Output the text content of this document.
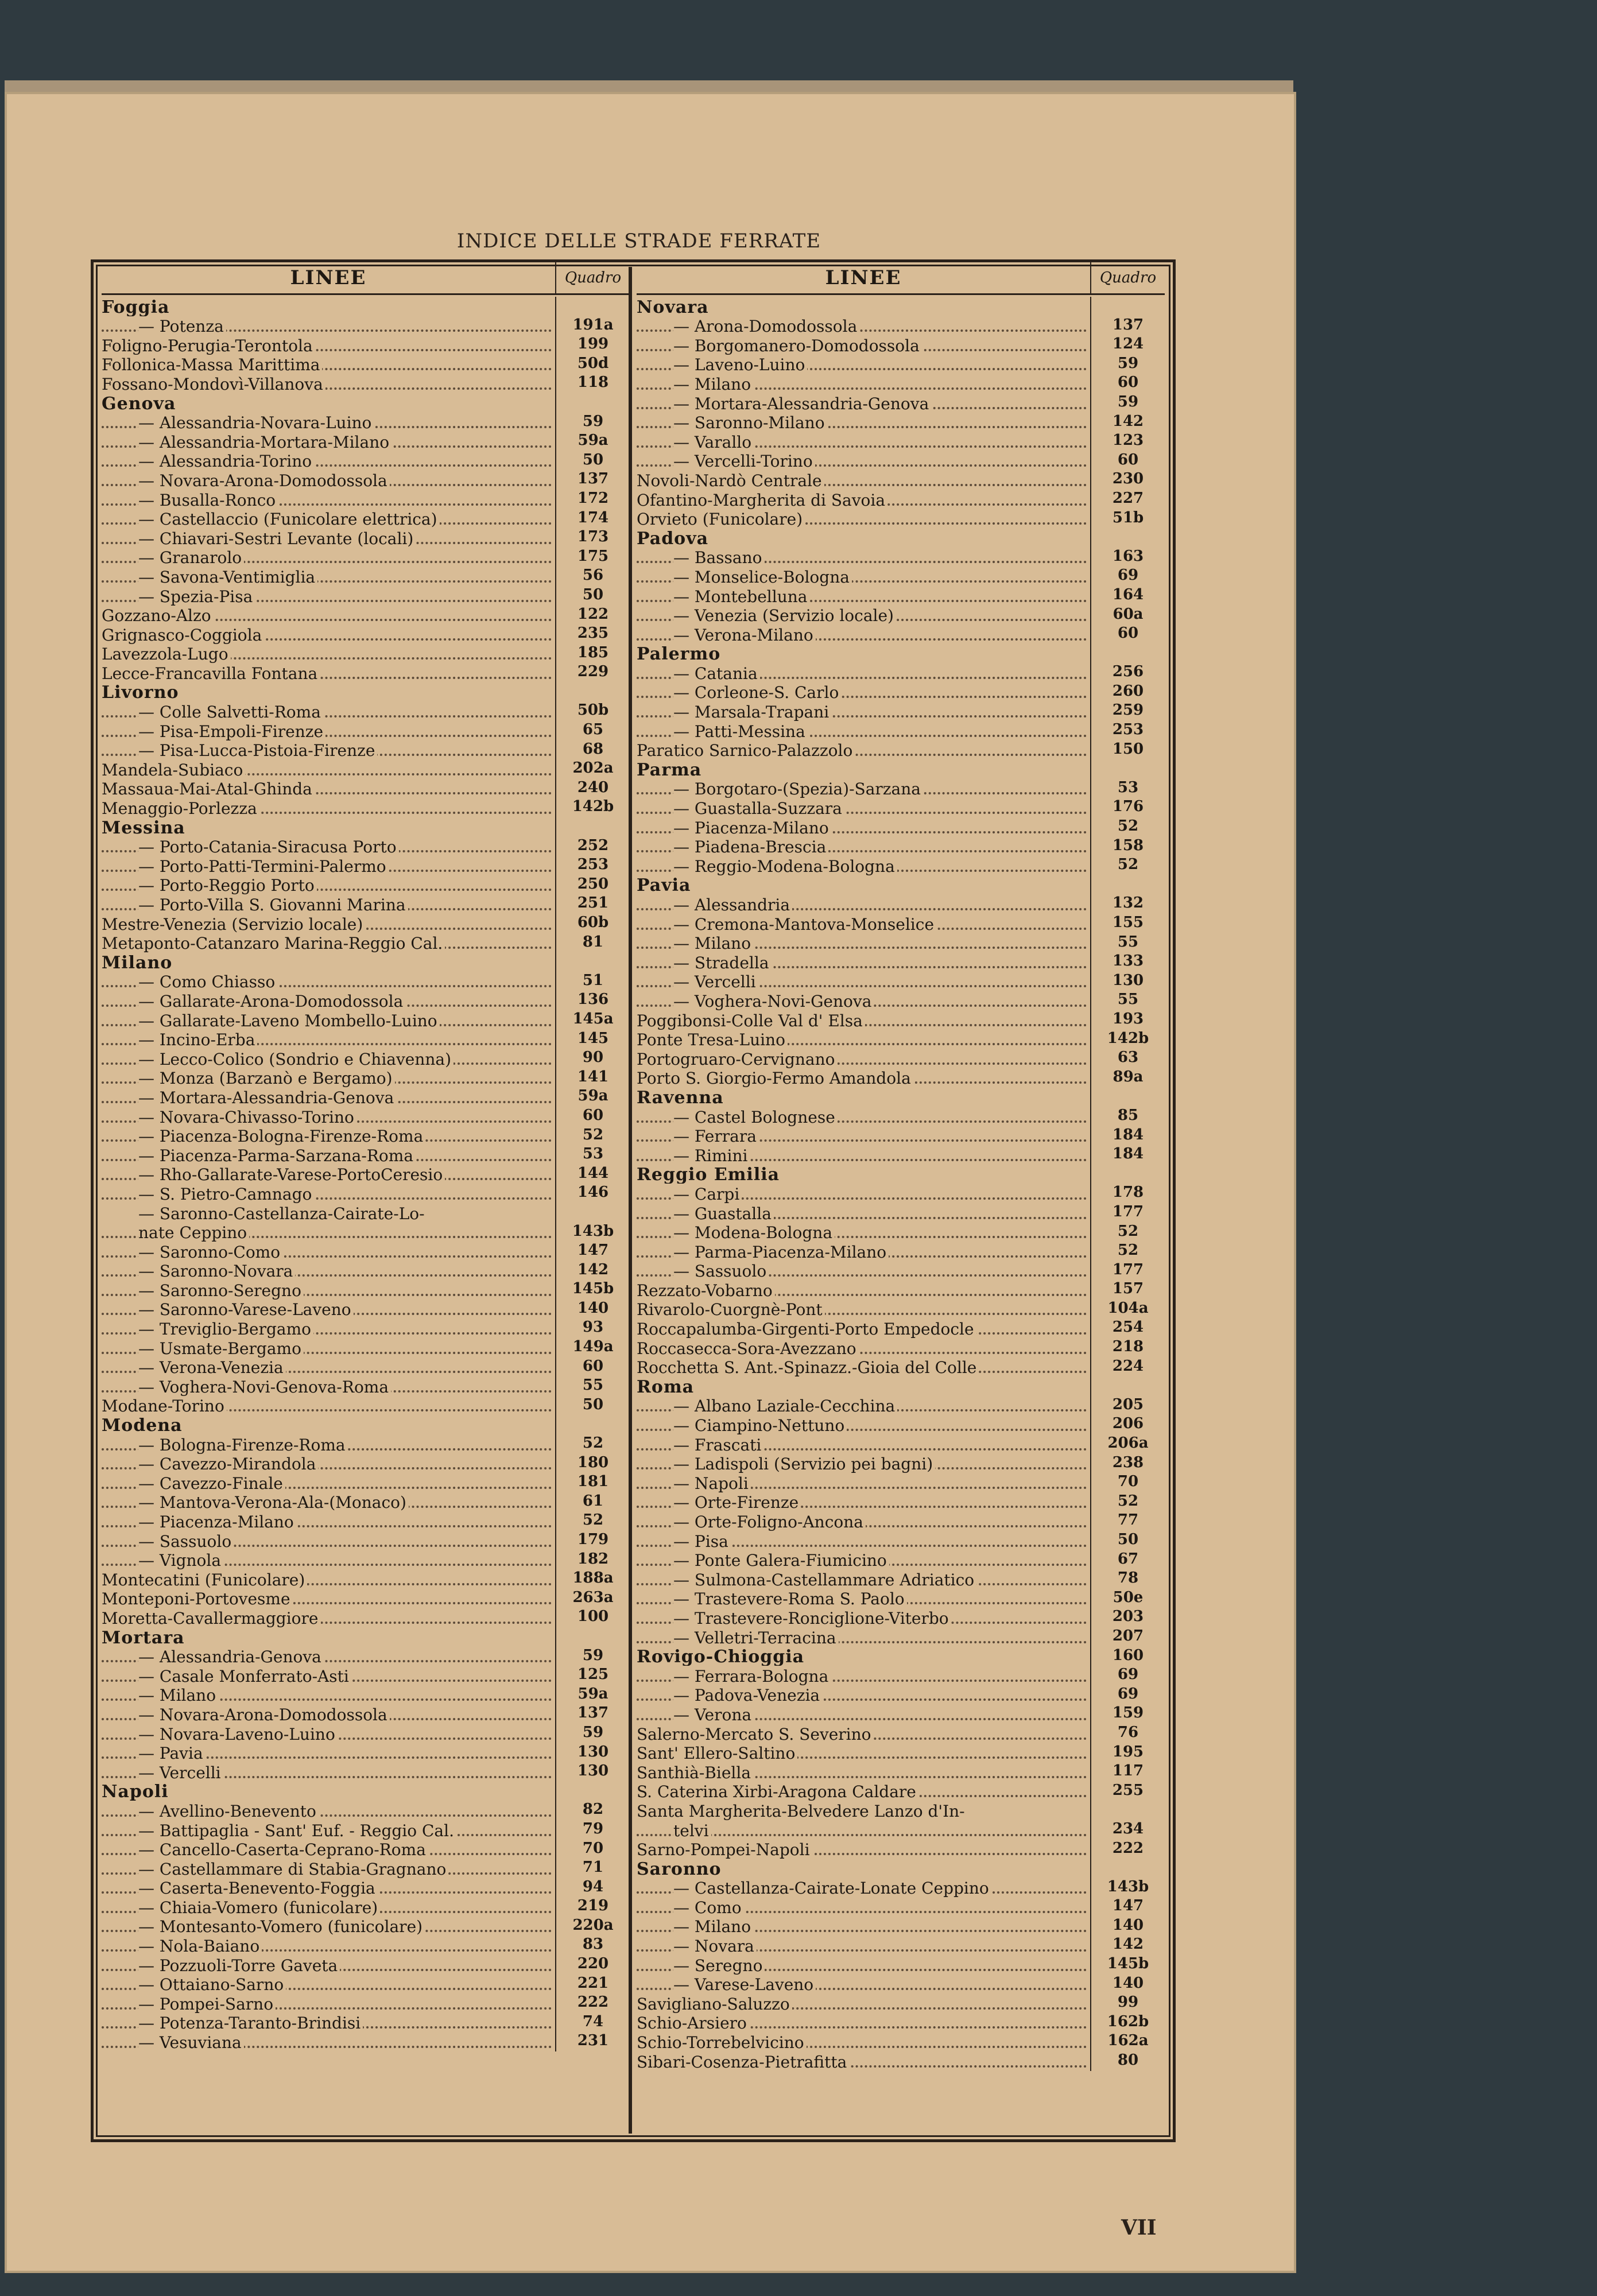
INDICE DELLE STRADE FERRATE
LINEE	Quadro
Foggia
— Potenza	191a
Foligno-Perugia-Terontola	199
Follonica-Massa Marittima	50d
Fossano-Mondovì-Villanova	118
Genova
— Alessandria-Novara-Luino	59
— Alessandria-Mortara-Milano	59a
— Alessandria-Torino	50
— Novara-Arona-Domodossola	137
— Busalla-Ronco	172
— Castellaccio (Funicolare elettrica)	174
— Chiavari-Sestri Levante (locali)	173
— Granarolo	175
— Savona-Ventimiglia	56
— Spezia-Pisa	50
Gozzano-Alzo	122
Grignasco-Coggiola	235
Lavezzola-Lugo	185
Lecce-Francavilla Fontana	229
Livorno
— Colle Salvetti-Roma	50b
— Pisa-Empoli-Firenze	65
— Pisa-Lucca-Pistoia-Firenze	68
Mandela-Subiaco	202a
Massaua-Mai-Atal-Ghinda	240
Menaggio-Porlezza	142b
Messina
— Porto-Catania-Siracusa Porto	252
— Porto-Patti-Termini-Palermo	253
— Porto-Reggio Porto	250
— Porto-Villa S. Giovanni Marina	251
Mestre-Venezia (Servizio locale)	60b
Metaponto-Catanzaro Marina-Reggio Cal.	81
Milano
— Como Chiasso	51
— Gallarate-Arona-Domodossola	136
— Gallarate-Laveno Mombello-Luino	145a
— Incino-Erba	145
— Lecco-Colico (Sondrio e Chiavenna)	90
— Monza (Barzanò e Bergamo)	141
— Mortara-Alessandria-Genova	59a
— Novara-Chivasso-Torino	60
— Piacenza-Bologna-Firenze-Roma	52
— Piacenza-Parma-Sarzana-Roma	53
— Rho-Gallarate-Varese-PortoCeresio	144
— S. Pietro-Camnago	146
— Saronno-Castellanza-Cairate-Lo-
nate Ceppino	143b
— Saronno-Como	147
— Saronno-Novara	142
— Saronno-Seregno	145b
— Saronno-Varese-Laveno	140
— Treviglio-Bergamo	93
— Usmate-Bergamo	149a
— Verona-Venezia	60
— Voghera-Novi-Genova-Roma	55
Modane-Torino	50
Modena
— Bologna-Firenze-Roma	52
— Cavezzo-Mirandola	180
— Cavezzo-Finale	181
— Mantova-Verona-Ala-(Monaco)	61
— Piacenza-Milano	52
— Sassuolo	179
— Vignola	182
Montecatini (Funicolare)	188a
Monteponi-Portovesme	263a
Moretta-Cavallermaggiore	100
Mortara
— Alessandria-Genova	59
— Casale Monferrato-Asti	125
— Milano	59a
— Novara-Arona-Domodossola	137
— Novara-Laveno-Luino	59
— Pavia	130
— Vercelli	130
Napoli
— Avellino-Benevento	82
— Battipaglia - Sant' Euf. - Reggio Cal.	79
— Cancello-Caserta-Ceprano-Roma	70
— Castellammare di Stabia-Gragnano	71
— Caserta-Benevento-Foggia	94
— Chiaia-Vomero (funicolare)	219
— Montesanto-Vomero (funicolare)	220a
— Nola-Baiano	83
— Pozzuoli-Torre Gaveta	220
— Ottaiano-Sarno	221
— Pompei-Sarno	222
— Potenza-Taranto-Brindisi	74
— Vesuviana	231
LINEE	Quadro
Novara
— Arona-Domodossola	137
— Borgomanero-Domodossola	124
— Laveno-Luino	59
— Milano	60
— Mortara-Alessandria-Genova	59
— Saronno-Milano	142
— Varallo	123
— Vercelli-Torino	60
Novoli-Nardò Centrale	230
Ofantino-Margherita di Savoia	227
Orvieto (Funicolare)	51b
Padova
— Bassano	163
— Monselice-Bologna	69
— Montebelluna	164
— Venezia (Servizio locale)	60a
— Verona-Milano	60
Palermo
— Catania	256
— Corleone-S. Carlo	260
— Marsala-Trapani	259
— Patti-Messina	253
Paratico Sarnico-Palazzolo	150
Parma
— Borgotaro-(Spezia)-Sarzana	53
— Guastalla-Suzzara	176
— Piacenza-Milano	52
— Piadena-Brescia	158
— Reggio-Modena-Bologna	52
Pavia
— Alessandria	132
— Cremona-Mantova-Monselice	155
— Milano	55
— Stradella	133
— Vercelli	130
— Voghera-Novi-Genova	55
Poggibonsi-Colle Val d' Elsa	193
Ponte Tresa-Luino	142b
Portogruaro-Cervignano	63
Porto S. Giorgio-Fermo Amandola	89a
Ravenna
— Castel Bolognese	85
— Ferrara	184
— Rimini	184
Reggio Emilia
— Carpi	178
— Guastalla	177
— Modena-Bologna	52
— Parma-Piacenza-Milano	52
— Sassuolo	177
Rezzato-Vobarno	157
Rivarolo-Cuorgnè-Pont	104a
Roccapalumba-Girgenti-Porto Empedocle	254
Roccasecca-Sora-Avezzano	218
Rocchetta S. Ant.-Spinazz.-Gioia del Colle	224
Roma
— Albano Laziale-Cecchina	205
— Ciampino-Nettuno	206
— Frascati	206a
— Ladispoli (Servizio pei bagni)	238
— Napoli	70
— Orte-Firenze	52
— Orte-Foligno-Ancona	77
— Pisa	50
— Ponte Galera-Fiumicino	67
— Sulmona-Castellammare Adriatico	78
— Trastevere-Roma S. Paolo	50e
— Trastevere-Ronciglione-Viterbo	203
— Velletri-Terracina	207
Rovigo-Chioggia	160
— Ferrara-Bologna	69
— Padova-Venezia	69
— Verona	159
Salerno-Mercato S. Severino	76
Sant' Ellero-Saltino	195
Santhià-Biella	117
S. Caterina Xirbi-Aragona Caldare	255
Santa Margherita-Belvedere Lanzo d'In-
telvi	234
Sarno-Pompei-Napoli	222
Saronno
— Castellanza-Cairate-Lonate Ceppino	143b
— Como	147
— Milano	140
— Novara	142
— Seregno	145b
— Varese-Laveno	140
Savigliano-Saluzzo	99
Schio-Arsiero	162b
Schio-Torrebelvicino	162a
Sibari-Cosenza-Pietrafitta	80
VII
